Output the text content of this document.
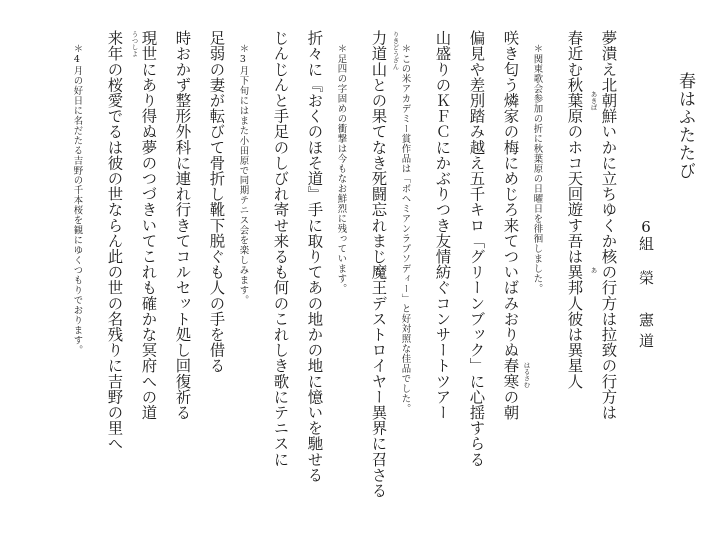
春はふたたび
6組
榮　憲道
夢潰え北朝鮮いかに立ちゆくか核の行方は拉致の行方は
春近む秋葉原のホコ天回遊す吾は異邦人彼は異星人
＊関東歌会参加の折に秋葉原の日曜日を徘徊しました。
咲き匂う燐家の梅にめじろ来てついばみおりぬ春寒の朝
偏見や差別踏み越え五千キロ「グリーンブック」に心揺すらる
山盛りのＫＦＣにかぶりつき友情紡ぐコンサートツアー
＊この米アカデミー賞作品は「ボヘミアンラプソディー」と好対照な佳品でした。
力道山との果てなき死闘忘れまじ魔王デストロイヤー異界に召さる
＊足四の字固めの衝撃は今もなお鮮烈に残っています。
折々に『おくのほそ道』手に取りてあの地かの地に憶いを馳せる
じんじんと手足のしびれ寄せ来るも何のこれしき歌にテニスに
＊3月下旬にはまた小田原で同期テニス会を楽しみます。
足弱の妻が転びて骨折し靴下脱ぐも人の手を借る
時おかず整形外科に連れ行きてコルセット処し回復祈る
現世にあり得ぬ夢のつづきいてこれも確かな冥府への道
来年の桜愛でるは彼の世ならん此の世の名残りに吉野の里へ
＊4月の好日に名だたる吉野の千本桜を観にゆくつもりでおります。	あきば
あ
はるさむ
りきどうざん
うつしよ
